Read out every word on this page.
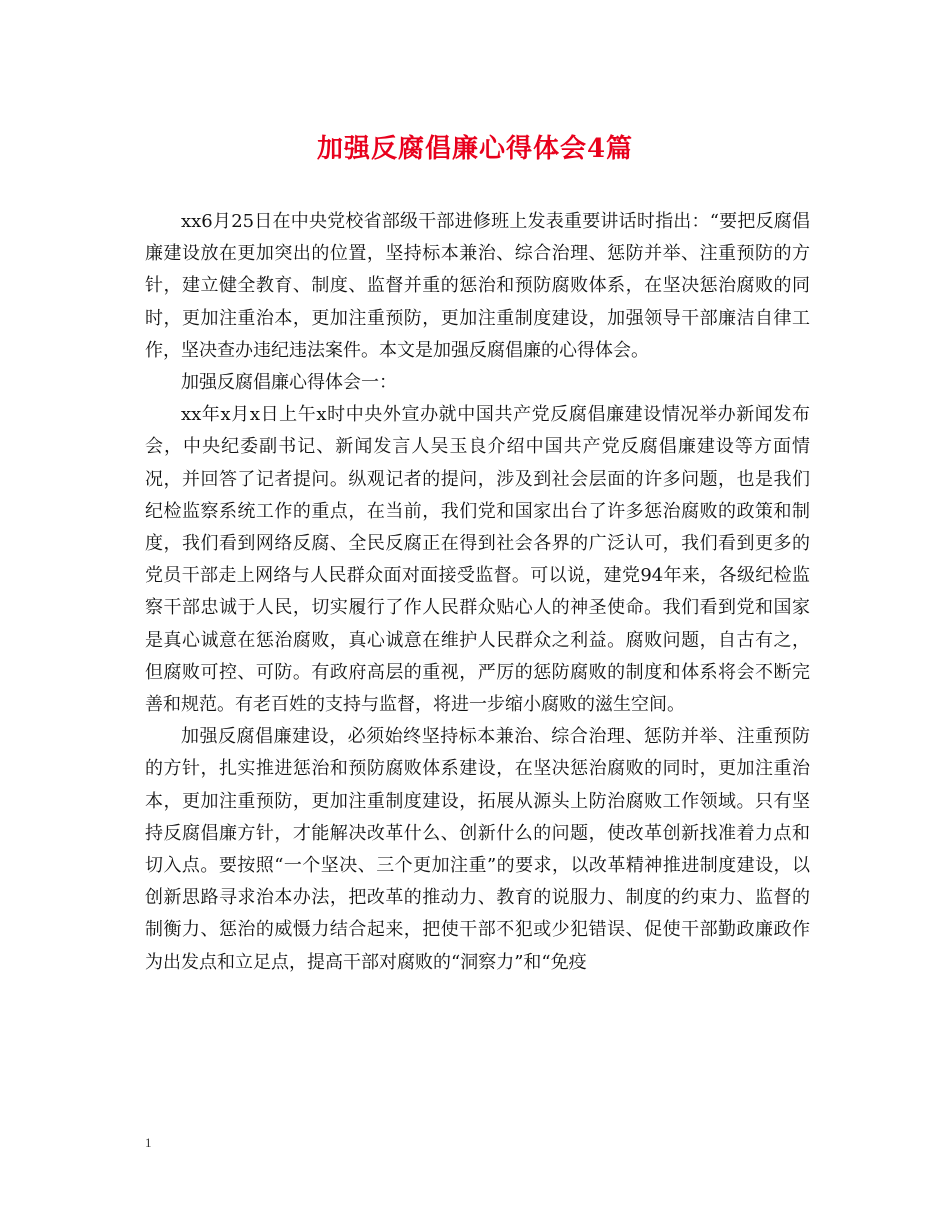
加强反腐倡廉心得体会4篇

xx6月25日在中央党校省部级干部进修班上发表重要讲话时指出：“要把反腐倡廉建设放在更加突出的位置，坚持标本兼治、综合治理、惩防并举、注重预防的方针，建立健全教育、制度、监督并重的惩治和预防腐败体系，在坚决惩治腐败的同时，更加注重治本，更加注重预防，更加注重制度建设，加强领导干部廉洁自律工作，坚决查办违纪违法案件。本文是加强反腐倡廉的心得体会。

加强反腐倡廉心得体会一：

xx年x月x日上午x时中央外宣办就中国共产党反腐倡廉建设情况举办新闻发布会，中央纪委副书记、新闻发言人吴玉良介绍中国共产党反腐倡廉建设等方面情况，并回答了记者提问。纵观记者的提问，涉及到社会层面的许多问题，也是我们纪检监察系统工作的重点，在当前，我们党和国家出台了许多惩治腐败的政策和制度，我们看到网络反腐、全民反腐正在得到社会各界的广泛认可，我们看到更多的党员干部走上网络与人民群众面对面接受监督。可以说，建党94年来，各级纪检监察干部忠诚于人民，切实履行了作人民群众贴心人的神圣使命。我们看到党和国家是真心诚意在惩治腐败，真心诚意在维护人民群众之利益。腐败问题，自古有之，但腐败可控、可防。有政府高层的重视，严厉的惩防腐败的制度和体系将会不断完善和规范。有老百姓的支持与监督，将进一步缩小腐败的滋生空间。

加强反腐倡廉建设，必须始终坚持标本兼治、综合治理、惩防并举、注重预防的方针，扎实推进惩治和预防腐败体系建设，在坚决惩治腐败的同时，更加注重治本，更加注重预防，更加注重制度建设，拓展从源头上防治腐败工作领域。只有坚持反腐倡廉方针，才能解决改革什么、创新什么的问题，使改革创新找准着力点和切入点。要按照“一个坚决、三个更加注重”的要求，以改革精神推进制度建设，以创新思路寻求治本办法，把改革的推动力、教育的说服力、制度的约束力、监督的制衡力、惩治的威慑力结合起来，把使干部不犯或少犯错误、促使干部勤政廉政作为出发点和立足点，提高干部对腐败的“洞察力”和“免疫

1
